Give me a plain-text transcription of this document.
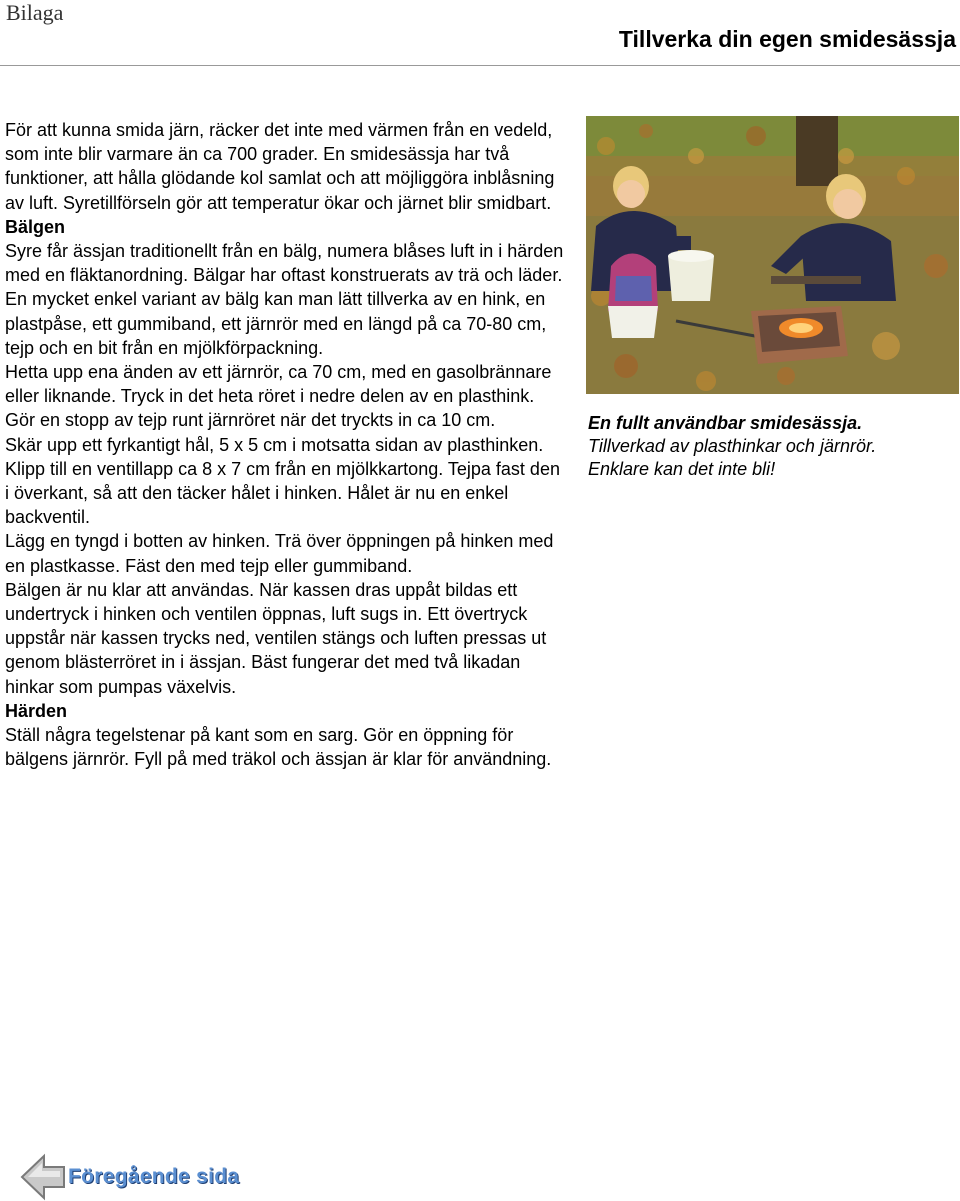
Bilaga
Tillverka din egen smidesässja

För att kunna smida järn, räcker det inte med värmen från en vedeld, som inte blir varmare än ca 700 grader. En smidesässja har två funktioner, att hålla glödande kol samlat och att möjliggöra inblåsning av luft. Syretillförseln gör att temperatur ökar och järnet blir smidbart.

Bälgen

Syre får ässjan traditionellt från en bälg, numera blåses luft in i härden med en fläktanordning. Bälgar har oftast konstruerats av trä och läder. En mycket enkel variant av bälg kan man lätt tillverka av en hink, en plastpåse, ett gummiband, ett järnrör med en längd på ca 70-80 cm, tejp och en bit från en mjölkförpackning.

Hetta upp ena änden av ett järnrör, ca 70 cm, med en gasolbrännare eller liknande. Tryck in det heta röret i nedre delen av en plasthink. Gör en stopp av tejp runt järnröret när det tryckts in ca 10 cm.

Skär upp ett fyrkantigt hål, 5 x 5 cm i motsatta sidan av plasthinken. Klipp till en ventillapp ca 8 x 7 cm från en mjölkkartong. Tejpa fast den i överkant, så att den täcker hålet i hinken. Hålet är nu en enkel backventil.

Lägg en tyngd i botten av hinken. Trä över öppningen på hinken med en plastkasse. Fäst den med tejp eller gummiband.

Bälgen är nu klar att användas. När kassen dras uppåt bildas ett undertryck i hinken och ventilen öppnas, luft sugs in. Ett övertryck uppstår när kassen trycks ned, ventilen stängs och luften pressas ut genom blästerröret in i ässjan. Bäst fungerar det med två likadan hinkar som pumpas växelvis.

Härden

Ställ några tegelstenar på kant som en sarg. Gör en öppning för bälgens järnrör. Fyll på med träkol och ässjan är klar för användning.

En fullt användbar smidesässja.
Tillverkad av plasthinkar och järnrör.
Enklare kan det inte bli!
Föregående sida
